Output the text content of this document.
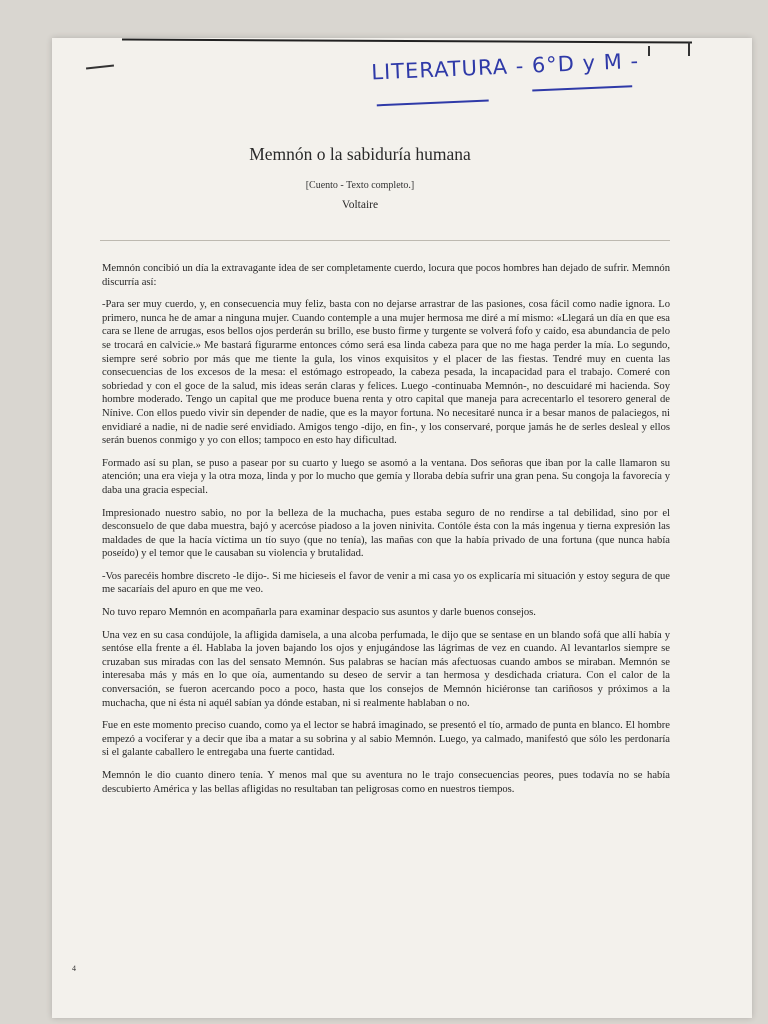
LITERATURA - 6°D y M -
Memnón o la sabiduría humana
[Cuento - Texto completo.]
Voltaire

Memnón concibió un día la extravagante idea de ser completamente cuerdo, locura que pocos hombres han dejado de sufrir. Memnón discurría así:

-Para ser muy cuerdo, y, en consecuencia muy feliz, basta con no dejarse arrastrar de las pasiones, cosa fácil como nadie ignora. Lo primero, nunca he de amar a ninguna mujer. Cuando contemple a una mujer hermosa me diré a mí mismo: «Llegará un día en que esa cara se llene de arrugas, esos bellos ojos perderán su brillo, ese busto firme y turgente se volverá fofo y caído, esa abundancia de pelo se trocará en calvicie.» Me bastará figurarme entonces cómo será esa linda cabeza para que no me haga perder la mía. Lo segundo, siempre seré sobrio por más que me tiente la gula, los vinos exquisitos y el placer de las fiestas. Tendré muy en cuenta las consecuencias de los excesos de la mesa: el estómago estropeado, la cabeza pesada, la incapacidad para el trabajo. Comeré con sobriedad y con el goce de la salud, mis ideas serán claras y felices. Luego -continuaba Memnón-, no descuidaré mi hacienda. Soy hombre moderado. Tengo un capital que me produce buena renta y otro capital que maneja para acrecentarlo el tesorero general de Nínive. Con ellos puedo vivir sin depender de nadie, que es la mayor fortuna. No necesitaré nunca ir a besar manos de palaciegos, ni envidiaré a nadie, ni de nadie seré envidiado. Amigos tengo -dijo, en fin-, y los conservaré, porque jamás he de serles desleal y ellos serán buenos conmigo y yo con ellos; tampoco en esto hay dificultad.

Formado así su plan, se puso a pasear por su cuarto y luego se asomó a la ventana. Dos señoras que iban por la calle llamaron su atención; una era vieja y la otra moza, linda y por lo mucho que gemía y lloraba debía sufrir una gran pena. Su congoja la favorecía y daba una gracia especial.

Impresionado nuestro sabio, no por la belleza de la muchacha, pues estaba seguro de no rendirse a tal debilidad, sino por el desconsuelo de que daba muestra, bajó y acercóse piadoso a la joven ninivita. Contóle ésta con la más ingenua y tierna expresión las maldades de que la hacía víctima un tío suyo (que no tenía), las mañas con que la había privado de una fortuna (que nunca había poseído) y el temor que le causaban su violencia y brutalidad.

-Vos parecéis hombre discreto -le dijo-. Si me hicieseis el favor de venir a mi casa yo os explicaría mi situación y estoy segura de que me sacaríais del apuro en que me veo.

No tuvo reparo Memnón en acompañarla para examinar despacio sus asuntos y darle buenos consejos.

Una vez en su casa condújole, la afligida damisela, a una alcoba perfumada, le dijo que se sentase en un blando sofá que allí había y sentóse ella frente a él. Hablaba la joven bajando los ojos y enjugándose las lágrimas de vez en cuando. Al levantarlos siempre se cruzaban sus miradas con las del sensato Memnón. Sus palabras se hacían más afectuosas cuando ambos se miraban. Memnón se interesaba más y más en lo que oía, aumentando su deseo de servir a tan hermosa y desdichada criatura. Con el calor de la conversación, se fueron acercando poco a poco, hasta que los consejos de Memnón hiciéronse tan cariñosos y próximos a la muchacha, que ni ésta ni aquél sabían ya dónde estaban, ni si realmente hablaban o no.

Fue en este momento preciso cuando, como ya el lector se habrá imaginado, se presentó el tío, armado de punta en blanco. El hombre empezó a vociferar y a decir que iba a matar a su sobrina y al sabio Memnón. Luego, ya calmado, manifestó que sólo les perdonaría si el galante caballero le entregaba una fuerte cantidad.

Memnón le dio cuanto dinero tenía. Y menos mal que su aventura no le trajo consecuencias peores, pues todavía no se había descubierto América y las bellas afligidas no resultaban tan peligrosas como en nuestros tiempos.

4
